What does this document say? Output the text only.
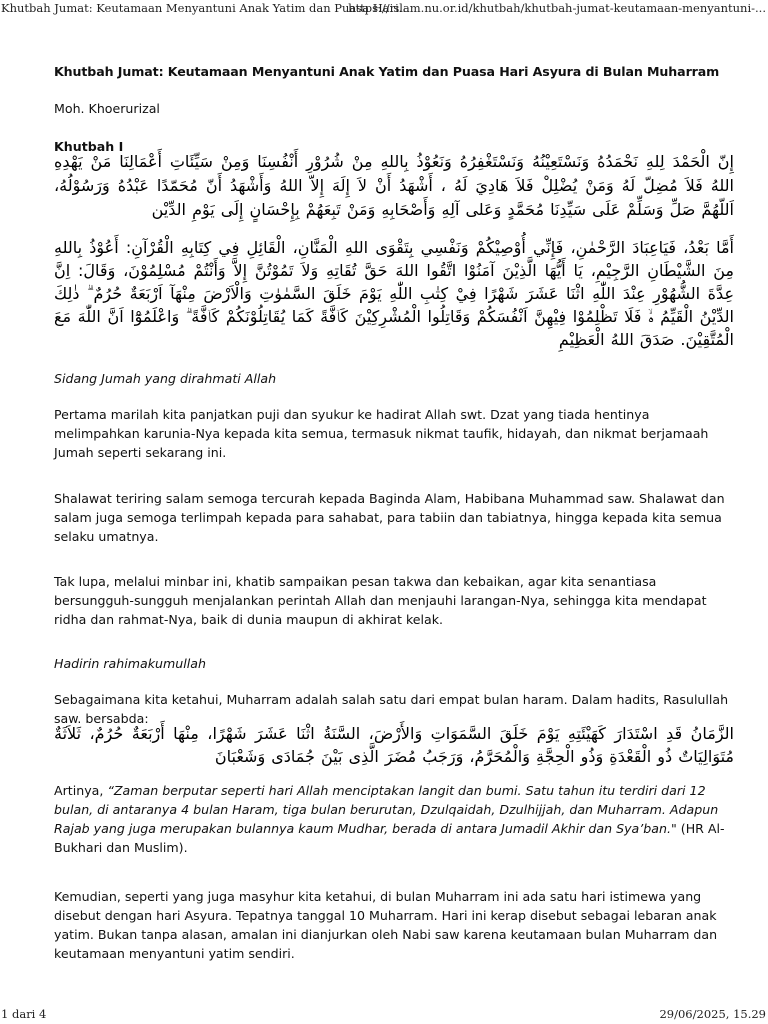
Khutbah Jumat: Keutamaan Menyantuni Anak Yatim dan Puasa Hari...
https://islam.nu.or.id/khutbah/khutbah-jumat-keutamaan-menyantuni-...
Khutbah Jumat: Keutamaan Menyantuni Anak Yatim dan Puasa Hari Asyura di Bulan Muharram
Moh. Khoerurizal
Khutbah I

إِنّ الْحَمْدَ لِلهِ نَحْمَدُهُ وَنَسْتَعِيْنُهُ وَنَسْتَغْفِرُهُ وَنَعُوْذُ بِاللهِ مِنْ شُرُوْرِ أَنْفُسِنَا وَمِنْ سَيِّئَاتِ أَعْمَالِنَا مَنْ يَهْدِهِ اللهُ فَلاَ مُضِلّ لَهُ وَمَنْ يُضْلِلْ فَلاَ هَادِيَ لَهُ ، أَشْهَدُ أَنْ لاَ إِلَهَ إِلاّ اللهُ وَأَشْهَدُ أَنّ مُحَمّدًا عَبْدُهُ وَرَسُوْلُهُ، اَللّهُمَّ صَلِّ وَسَلِّمْ عَلَى سَيِّدِنَا مُحَمَّدٍ وَعَلى آلِهِ وَأَصْحَابِهِ وَمَنْ تَبِعَهُمْ بِإِحْسَانٍ إِلَى يَوْمِ الدِّيْن

أَمَّا بَعْدُ، فَيَاعِبَادَ الرَّحْمٰنِ، فَإِنِّي أُوْصِيْكُمْ وَنَفْسِي بِتَقْوَى اللهِ الْمَنَّانِ، الْقَائِلِ فِي كِتَابِهِ الْقُرْآنِ: أَعُوْذُ بِاللهِ مِنَ الشَّيْطَانِ الرَّجِيْمِ، يَا أَيُّهَا الَّذِيْنَ آمَنُوْا اتَّقُوا اللهَ حَقَّ تُقَاتِهِ وَلاَ تَمُوْتُنَّ إِلاَّ وَأَنْتُمْ مُسْلِمُوْنَ، وَقَالَ: اِنَّ عِدَّةَ الشُّهُوْرِ عِنْدَ اللّٰهِ اثْنَا عَشَرَ شَهْرًا فِيْ كِتٰبِ اللّٰهِ يَوْمَ خَلَقَ السَّمٰوٰتِ وَالْاَرْضَ مِنْهَآ اَرْبَعَةٌ حُرُمٌ ۗ ذٰلِكَ الدِّيْنُ الْقَيِّمُ ەۙ فَلَا تَظْلِمُوْا فِيْهِنَّ اَنْفُسَكُمْ وَقَاتِلُوا الْمُشْرِكِيْنَ كَاۤفَّةً كَمَا يُقَاتِلُوْنَكُمْ كَاۤفَّةً ۗ وَاعْلَمُوْٓا اَنَّ اللّٰهَ مَعَ الْمُتَّقِيْنَ. صَدَقَ اللهُ الْعَظِيْمِ

Sidang Jumah yang dirahmati Allah

Pertama marilah kita panjatkan puji dan syukur ke hadirat Allah swt. Dzat yang tiada hentinya melimpahkan karunia-Nya kepada kita semua, termasuk nikmat taufik, hidayah, dan nikmat berjamaah Jumah seperti sekarang ini.

Shalawat teriring salam semoga tercurah kepada Baginda Alam, Habibana Muhammad saw. Shalawat dan salam juga semoga terlimpah kepada para sahabat, para tabiin dan tabiatnya, hingga kepada kita semua selaku umatnya.

Tak lupa, melalui minbar ini, khatib sampaikan pesan takwa dan kebaikan, agar kita senantiasa bersungguh-sungguh menjalankan perintah Allah dan menjauhi larangan-Nya, sehingga kita mendapat ridha dan rahmat-Nya, baik di dunia maupun di akhirat kelak.

Hadirin rahimakumullah

Sebagaimana kita ketahui, Muharram adalah salah satu dari empat bulan haram. Dalam hadits, Rasulullah saw. bersabda:

الزَّمَانُ قَدِ اسْتَدَارَ كَهَيْئَتِهِ يَوْمَ خَلَقَ السَّمَوَاتِ وَالأَرْضَ، السَّنَةُ اثْنَا عَشَرَ شَهْرًا، مِنْهَا أَرْبَعَةٌ حُرُمٌ، ثَلاَثَةٌ مُتَوَالِيَاتٌ ذُو الْقَعْدَةِ وَذُو الْحِجَّةِ وَالْمُحَرَّمُ، وَرَجَبُ مُضَرَ الَّذِى بَيْنَ جُمَادَى وَشَعْبَانَ

Artinya, “Zaman berputar seperti hari Allah menciptakan langit dan bumi. Satu tahun itu terdiri dari 12 bulan, di antaranya 4 bulan Haram, tiga bulan berurutan, Dzulqaidah, Dzulhijjah, dan Muharram. Adapun Rajab yang juga merupakan bulannya kaum Mudhar, berada di antara Jumadil Akhir dan Sya’ban." (HR Al-Bukhari dan Muslim).

Kemudian, seperti yang juga masyhur kita ketahui, di bulan Muharram ini ada satu hari istimewa yang disebut dengan hari Asyura. Tepatnya tanggal 10 Muharram. Hari ini kerap disebut sebagai lebaran anak yatim. Bukan tanpa alasan, amalan ini dianjurkan oleh Nabi saw karena keutamaan bulan Muharram dan keutamaan menyantuni yatim sendiri.

1 dari 4	29/06/2025, 15.29
